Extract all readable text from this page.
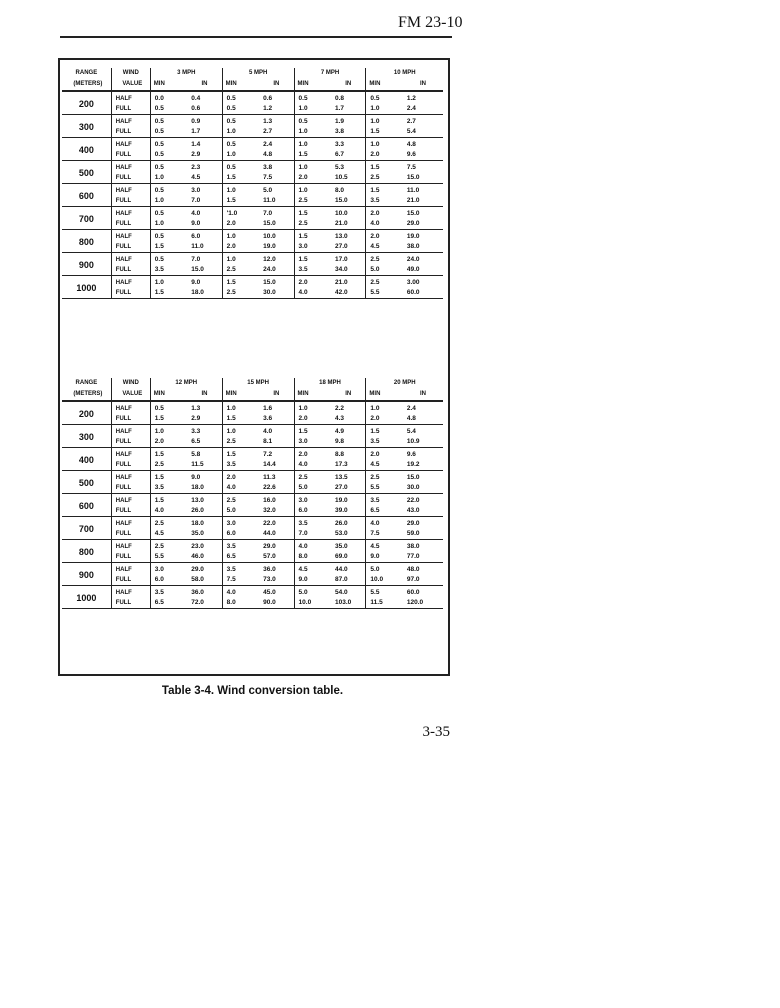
FM 23-10
RANGE	WIND	3 MPH		5 MPH		7 MPH		10 MPH	
(METERS)	VALUE	MIN	IN	MIN	IN	MIN	IN	MIN	IN
200	HALF	0.0	0.4	0.5	0.6	0.5	0.8	0.5	1.2
	FULL	0.5	0.6	0.5	1.2	1.0	1.7	1.0	2.4
300	HALF	0.5	0.9	0.5	1.3	0.5	1.9	1.0	2.7
	FULL	0.5	1.7	1.0	2.7	1.0	3.8	1.5	5.4
400	HALF	0.5	1.4	0.5	2.4	1.0	3.3	1.0	4.8
	FULL	0.5	2.9	1.0	4.8	1.5	6.7	2.0	9.6
500	HALF	0.5	2.3	0.5	3.8	1.0	5.3	1.5	7.5
	FULL	1.0	4.5	1.5	7.5	2.0	10.5	2.5	15.0
600	HALF	0.5	3.0	1.0	5.0	1.0	8.0	1.5	11.0
	FULL	1.0	7.0	1.5	11.0	2.5	15.0	3.5	21.0
700	HALF	0.5	4.0	'1.0	7.0	1.5	10.0	2.0	15.0
	FULL	1.0	9.0	2.0	15.0	2.5	21.0	4.0	29.0
800	HALF	0.5	6.0	1.0	10.0	1.5	13.0	2.0	19.0
	FULL	1.5	11.0	2.0	19.0	3.0	27.0	4.5	38.0
900	HALF	0.5	7.0	1.0	12.0	1.5	17.0	2.5	24.0
	FULL	3.5	15.0	2.5	24.0	3.5	34.0	5.0	49.0
1000	HALF	1.0	9.0	1.5	15.0	2.0	21.0	2.5	3.00
	FULL	1.5	18.0	2.5	30.0	4.0	42.0	5.5	60.0
RANGE	WIND	12 MPH		15 MPH		18 MPH		20 MPH	
(METERS)	VALUE	MIN	IN	MIN	IN	MIN	IN	MIN	IN
200	HALF	0.5	1.3	1.0	1.6	1.0	2.2	1.0	2.4
	FULL	1.5	2.9	1.5	3.6	2.0	4.3	2.0	4.8
300	HALF	1.0	3.3	1.0	4.0	1.5	4.9	1.5	5.4
	FULL	2.0	6.5	2.5	8.1	3.0	9.8	3.5	10.9
400	HALF	1.5	5.8	1.5	7.2	2.0	8.8	2.0	9.6
	FULL	2.5	11.5	3.5	14.4	4.0	17.3	4.5	19.2
500	HALF	1.5	9.0	2.0	11.3	2.5	13.5	2.5	15.0
	FULL	3.5	18.0	4.0	22.6	5.0	27.0	5.5	30.0
600	HALF	1.5	13.0	2.5	16.0	3.0	19.0	3.5	22.0
	FULL	4.0	26.0	5.0	32.0	6.0	39.0	6.5	43.0
700	HALF	2.5	18.0	3.0	22.0	3.5	26.0	4.0	29.0
	FULL	4.5	35.0	6.0	44.0	7.0	53.0	7.5	59.0
800	HALF	2.5	23.0	3.5	29.0	4.0	35.0	4.5	38.0
	FULL	5.5	46.0	6.5	57.0	8.0	69.0	9.0	77.0
900	HALF	3.0	29.0	3.5	36.0	4.5	44.0	5.0	48.0
	FULL	6.0	58.0	7.5	73.0	9.0	87.0	10.0	97.0
1000	HALF	3.5	36.0	4.0	45.0	5.0	54.0	5.5	60.0
	FULL	6.5	72.0	8.0	90.0	10.0	103.0	11.5	120.0
Table 3-4. Wind conversion table.
3-35
